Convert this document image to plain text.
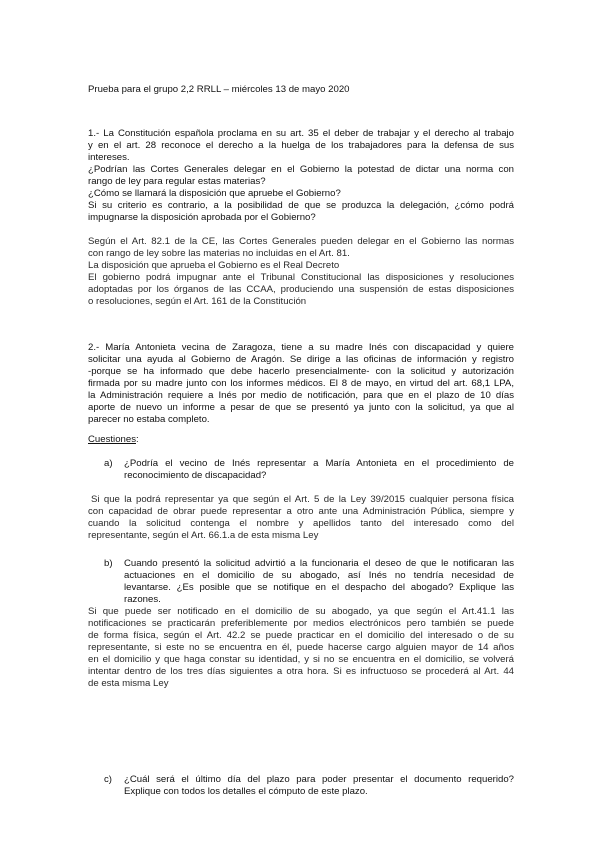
Prueba para el grupo 2,2 RRLL – miércoles 13 de mayo 2020
1.- La Constitución española proclama en su art. 35 el deber de trabajar y el derecho al trabajo
y en el art. 28 reconoce el derecho a la huelga de los trabajadores para la defensa de sus
intereses.
¿Podrían las Cortes Generales delegar en el Gobierno la potestad de dictar una norma con
rango de ley para regular estas materias?
¿Cómo se llamará la disposición que apruebe el Gobierno?
Si su criterio es contrario, a la posibilidad de que se produzca la delegación, ¿cómo podrá
impugnarse la disposición aprobada por el Gobierno?
Según el Art. 82.1 de la CE, las Cortes Generales pueden delegar en el Gobierno las normas
con rango de ley sobre las materias no incluidas en el Art. 81.
La disposición que aprueba el Gobierno es el Real Decreto
El gobierno podrá impugnar ante el Tribunal Constitucional las disposiciones y resoluciones
adoptadas por los órganos de las CCAA, produciendo una suspensión de estas disposiciones
o resoluciones, según el Art. 161 de la Constitución
2.- María Antonieta vecina de Zaragoza, tiene a su madre Inés con discapacidad y quiere
solicitar una ayuda al Gobierno de Aragón. Se dirige a las oficinas de información y registro
-porque se ha informado que debe hacerlo presencialmente- con la solicitud y autorización
firmada por su madre junto con los informes médicos. El 8 de mayo, en virtud del art. 68,1 LPA,
la Administración requiere a Inés por medio de notificación, para que en el plazo de 10 días
aporte de nuevo un informe a pesar de que se presentó ya junto con la solicitud, ya que al
parecer no estaba completo.
Cuestiones:
a) ¿Podría el vecino de Inés representar a María Antonieta en el procedimiento de
reconocimiento de discapacidad?
Si que la podrá representar ya que según el Art. 5 de la Ley 39/2015 cualquier persona física
con capacidad de obrar puede representar a otro ante una Administración Pública, siempre y
cuando la solicitud contenga el nombre y apellidos tanto del interesado como del
representante, según el Art. 66.1.a de esta misma Ley
b) Cuando presentó la solicitud advirtió a la funcionaria el deseo de que le notificaran las
actuaciones en el domicilio de su abogado, así Inés no tendría necesidad de
levantarse. ¿Es posible que se notifique en el despacho del abogado? Explique las
razones.
Si que puede ser notificado en el domicilio de su abogado, ya que según el Art.41.1 las
notificaciones se practicarán preferiblemente por medios electrónicos pero también se puede
de forma física, según el Art. 42.2 se puede practicar en el domicilio del interesado o de su
representante, si este no se encuentra en él, puede hacerse cargo alguien mayor de 14 años
en el domicilio y que haga constar su identidad, y si no se encuentra en el domicilio, se volverá
intentar dentro de los tres días siguientes a otra hora. Si es infructuoso se procederá al Art. 44
de esta misma Ley
c) ¿Cuál será el último día del plazo para poder presentar el documento requerido?
Explique con todos los detalles el cómputo de este plazo.
